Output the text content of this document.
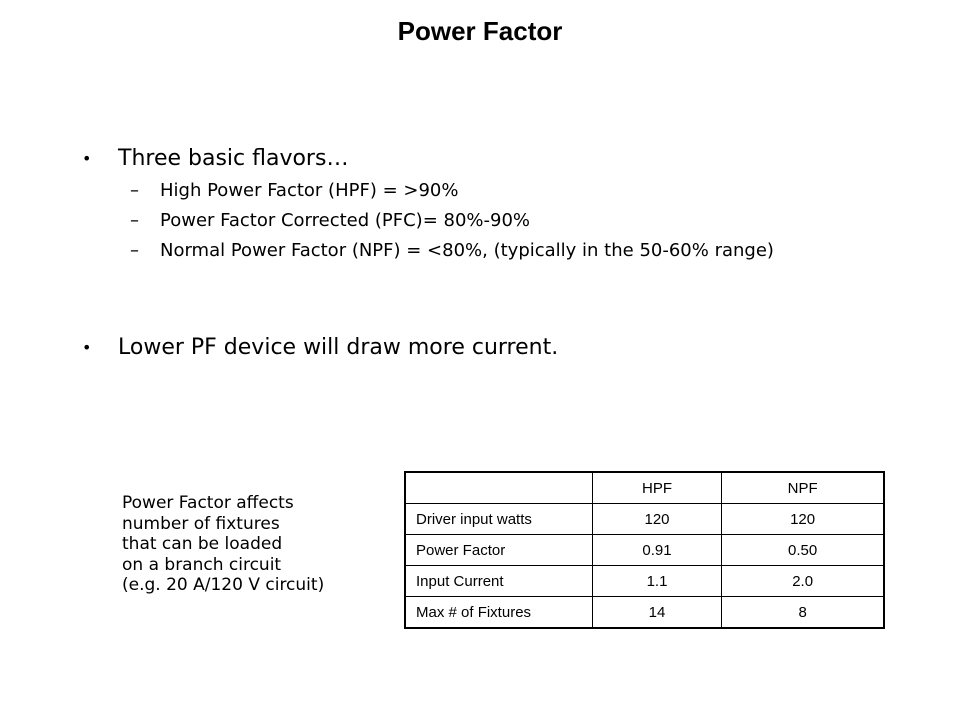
Power Factor
• Three basic flavors…
– High Power Factor (HPF) = >90%
– Power Factor Corrected (PFC)= 80%-90%
– Normal Power Factor (NPF) = <80%, (typically in the 50-60% range)
• Lower PF device will draw more current.
Power Factor affects
number of fixtures
that can be loaded
on a branch circuit
(e.g. 20 A/120 V circuit)
	HPF	NPF
Driver input watts	120	120
Power Factor	0.91	0.50
Input Current	1.1	2.0
Max # of Fixtures	14	8
